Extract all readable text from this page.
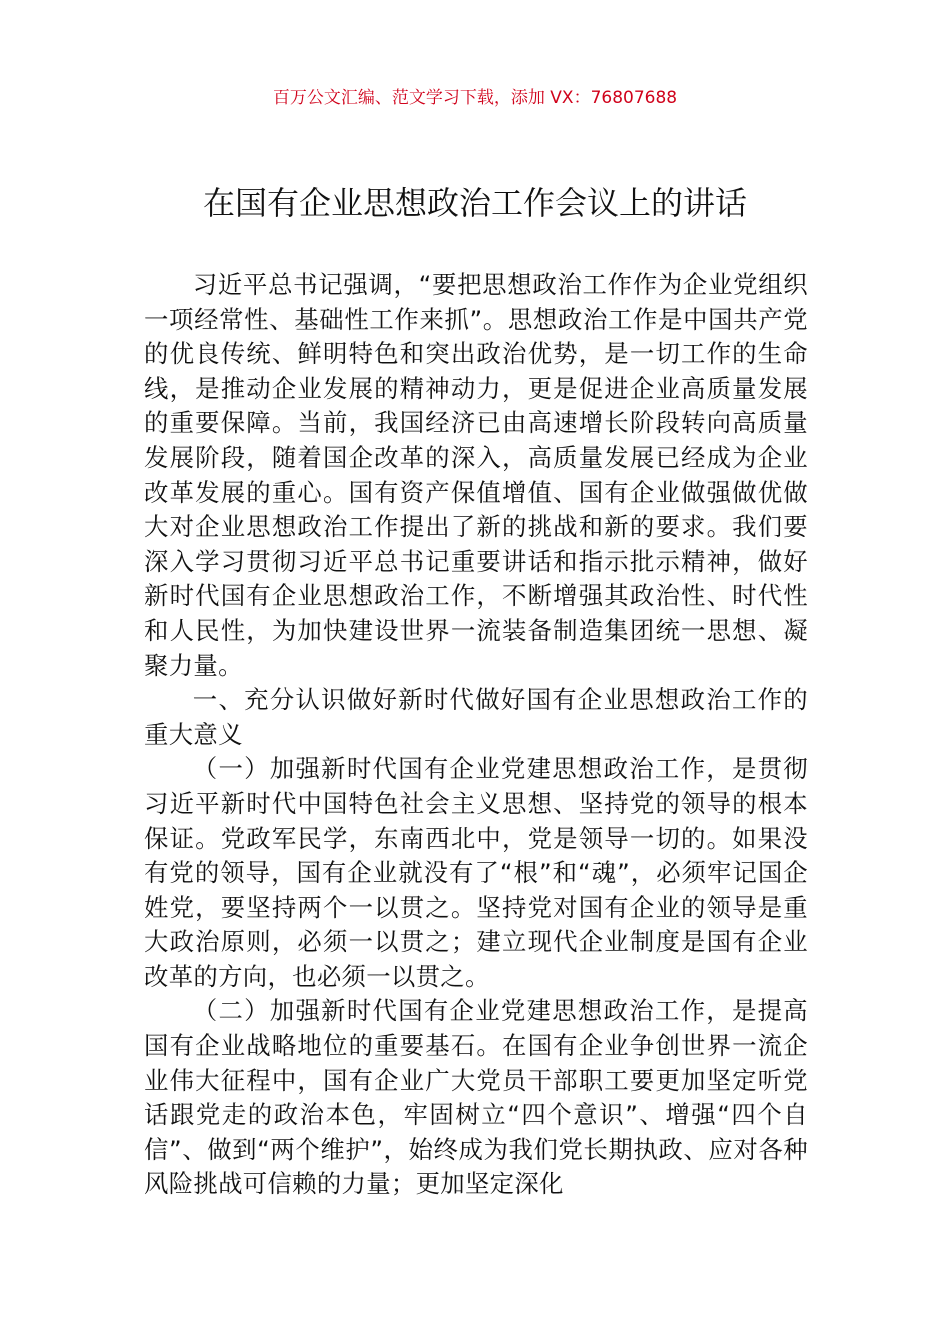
百万公文汇编、范文学习下载，添加 VX：76807688
在国有企业思想政治工作会议上的讲话

习近平总书记强调，“要把思想政治工作作为企业党组织一项经常性、基础性工作来抓”。思想政治工作是中国共产党的优良传统、鲜明特色和突出政治优势，是一切工作的生命线，是推动企业发展的精神动力，更是促进企业高质量发展的重要保障。当前，我国经济已由高速增长阶段转向高质量发展阶段，随着国企改革的深入，高质量发展已经成为企业改革发展的重心。国有资产保值增值、国有企业做强做优做大对企业思想政治工作提出了新的挑战和新的要求。我们要深入学习贯彻习近平总书记重要讲话和指示批示精神，做好新时代国有企业思想政治工作，不断增强其政治性、时代性和人民性，为加快建设世界一流装备制造集团统一思想、凝聚力量。

一、充分认识做好新时代做好国有企业思想政治工作的重大意义

（一）加强新时代国有企业党建思想政治工作，是贯彻习近平新时代中国特色社会主义思想、坚持党的领导的根本保证。党政军民学，东南西北中，党是领导一切的。如果没有党的领导，国有企业就没有了“根”和“魂”，必须牢记国企姓党，要坚持两个一以贯之。坚持党对国有企业的领导是重大政治原则，必须一以贯之；建立现代企业制度是国有企业改革的方向，也必须一以贯之。

（二）加强新时代国有企业党建思想政治工作，是提高国有企业战略地位的重要基石。在国有企业争创世界一流企业伟大征程中，国有企业广大党员干部职工要更加坚定听党话跟党走的政治本色，牢固树立“四个意识”、增强“四个自信”、做到“两个维护”，始终成为我们党长期执政、应对各种风险挑战可信赖的力量；更加坚定深化
